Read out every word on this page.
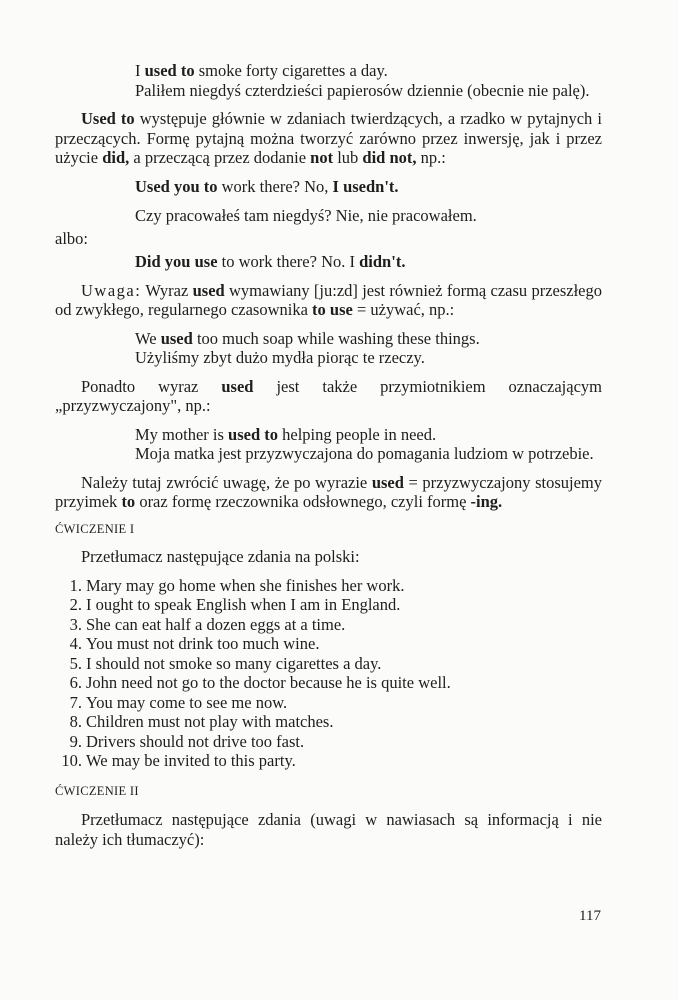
I used to smoke forty cigarettes a day.
Paliłem niegdyś czterdzieści papierosów dziennie (obecnie nie palę).
Used to występuje głównie w zdaniach twierdzących, a rzadko w pytajnych i przeczących. Formę pytajną można tworzyć zarówno przez inwersję, jak i przez użycie did, a przeczącą przez dodanie not lub did not, np.:
Used you to work there? No, I usedn't.
Czy pracowałeś tam niegdyś? Nie, nie pracowałem.
albo:
Did you use to work there? No. I didn't.
Uwaga: Wyraz used wymawiany [ju:zd] jest również formą czasu przeszłego od zwykłego, regularnego czasownika to use = używać, np.:
We used too much soap while washing these things.
Użyliśmy zbyt dużo mydła piorąc te rzeczy.
Ponadto wyraz used jest także przymiotnikiem oznaczającym „przyzwyczajony", np.:
My mother is used to helping people in need.
Moja matka jest przyzwyczajona do pomagania ludziom w potrzebie.
Należy tutaj zwrócić uwagę, że po wyrazie used = przyzwyczajony stosujemy przyimek to oraz formę rzeczownika odsłownego, czyli formę -ing.
ĆWICZENIE I
Przetłumacz następujące zdania na polski:
1. Mary may go home when she finishes her work.
2. I ought to speak English when I am in England.
3. She can eat half a dozen eggs at a time.
4. You must not drink too much wine.
5. I should not smoke so many cigarettes a day.
6. John need not go to the doctor because he is quite well.
7. You may come to see me now.
8. Children must not play with matches.
9. Drivers should not drive too fast.
10. We may be invited to this party.
ĆWICZENIE II
Przetłumacz następujące zdania (uwagi w nawiasach są informacją i nie należy ich tłumaczyć):
117
